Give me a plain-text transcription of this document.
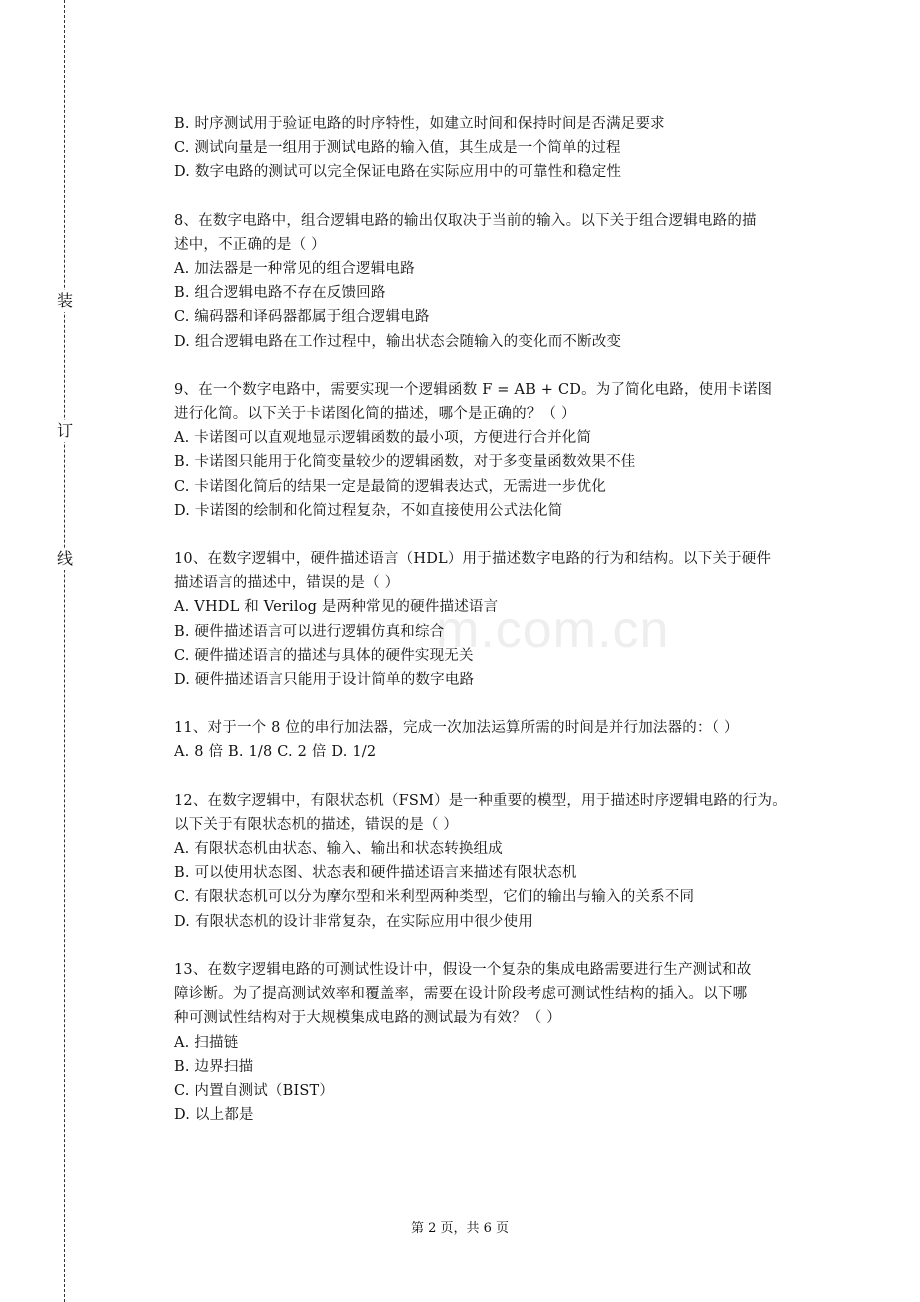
装
订
线
m.com.cn
B. 时序测试用于验证电路的时序特性，如建立时间和保持时间是否满足要求
C. 测试向量是一组用于测试电路的输入值，其生成是一个简单的过程
D. 数字电路的测试可以完全保证电路在实际应用中的可靠性和稳定性
8、在数字电路中，组合逻辑电路的输出仅取决于当前的输入。以下关于组合逻辑电路的描
述中，不正确的是（ ）
A. 加法器是一种常见的组合逻辑电路
B. 组合逻辑电路不存在反馈回路
C. 编码器和译码器都属于组合逻辑电路
D. 组合逻辑电路在工作过程中，输出状态会随输入的变化而不断改变
9、在一个数字电路中，需要实现一个逻辑函数 F = AB + CD。为了简化电路，使用卡诺图
进行化简。以下关于卡诺图化简的描述，哪个是正确的？（ ）
A. 卡诺图可以直观地显示逻辑函数的最小项，方便进行合并化简
B. 卡诺图只能用于化简变量较少的逻辑函数，对于多变量函数效果不佳
C. 卡诺图化简后的结果一定是最简的逻辑表达式，无需进一步优化
D. 卡诺图的绘制和化简过程复杂，不如直接使用公式法化简
10、在数字逻辑中，硬件描述语言（HDL）用于描述数字电路的行为和结构。以下关于硬件
描述语言的描述中，错误的是（ ）
A. VHDL 和 Verilog 是两种常见的硬件描述语言
B. 硬件描述语言可以进行逻辑仿真和综合
C. 硬件描述语言的描述与具体的硬件实现无关
D. 硬件描述语言只能用于设计简单的数字电路
11、对于一个 8 位的串行加法器，完成一次加法运算所需的时间是并行加法器的：（ ）
A. 8 倍 B. 1/8 C. 2 倍 D. 1/2
12、在数字逻辑中，有限状态机（FSM）是一种重要的模型，用于描述时序逻辑电路的行为。
以下关于有限状态机的描述，错误的是（ ）
A. 有限状态机由状态、输入、输出和状态转换组成
B. 可以使用状态图、状态表和硬件描述语言来描述有限状态机
C. 有限状态机可以分为摩尔型和米利型两种类型，它们的输出与输入的关系不同
D. 有限状态机的设计非常复杂，在实际应用中很少使用
13、在数字逻辑电路的可测试性设计中，假设一个复杂的集成电路需要进行生产测试和故
障诊断。为了提高测试效率和覆盖率，需要在设计阶段考虑可测试性结构的插入。以下哪
种可测试性结构对于大规模集成电路的测试最为有效？（ ）
A. 扫描链
B. 边界扫描
C. 内置自测试（BIST）
D. 以上都是
第 2 页，共 6 页
